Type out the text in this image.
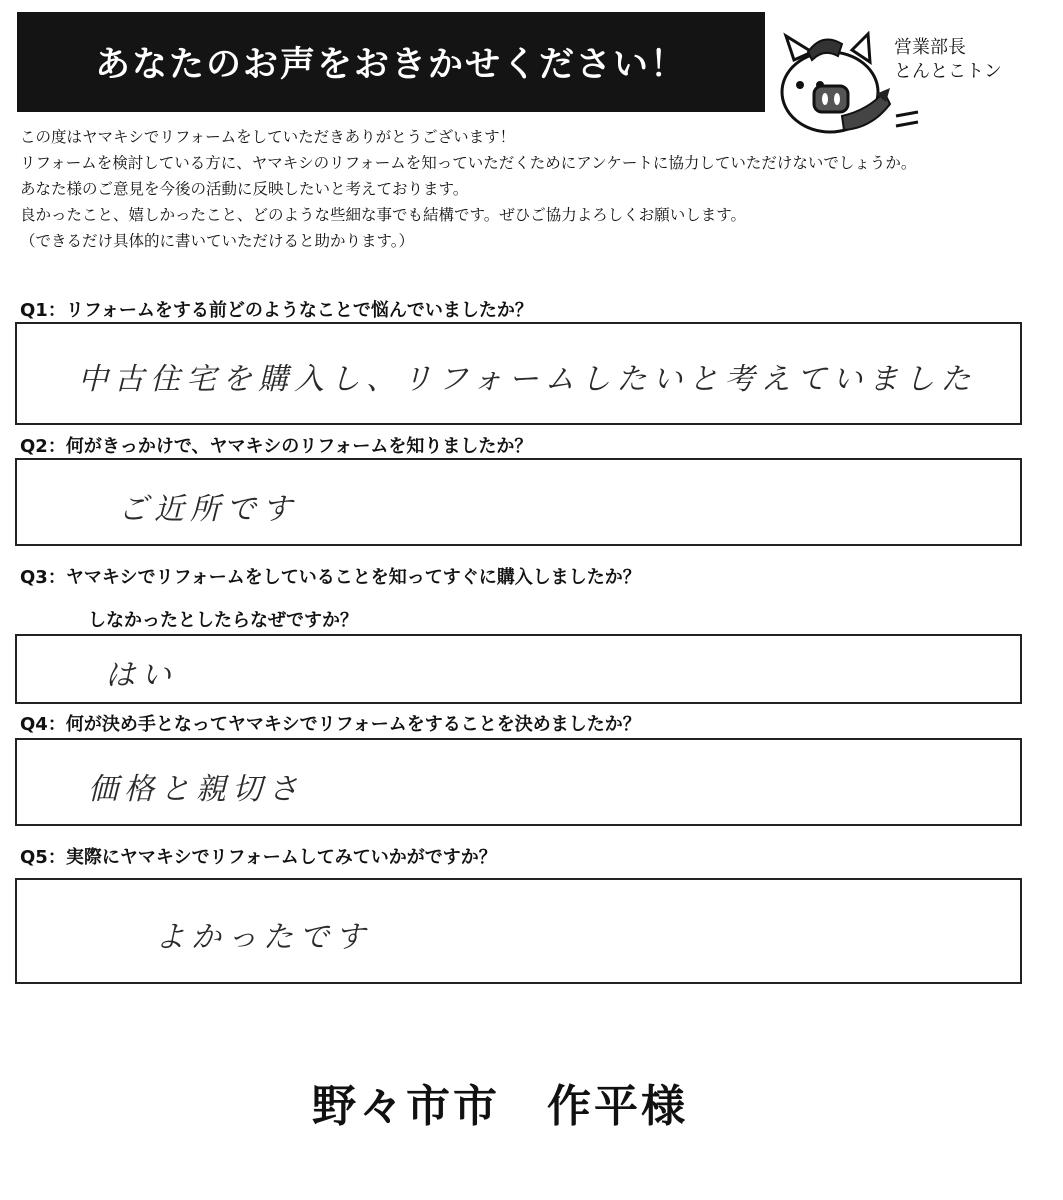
あなたのお声をおきかせください！	営業部長
とんとこトン
この度はヤマキシでリフォームをしていただきありがとうございます！
リフォームを検討している方に、ヤマキシのリフォームを知っていただくためにアンケートに協力していただけないでしょうか。
あなた様のご意見を今後の活動に反映したいと考えております。
良かったこと、嬉しかったこと、どのような些細な事でも結構です。ぜひご協力よろしくお願いします。
（できるだけ具体的に書いていただけると助かります。）
Q1：リフォームをする前どのようなことで悩んでいましたか？
中古住宅を購入し、リフォームしたいと考えていました
Q2：何がきっかけで、ヤマキシのリフォームを知りましたか？
ご近所です
Q3：ヤマキシでリフォームをしていることを知ってすぐに購入しましたか？
しなかったとしたらなぜですか？
はい
Q4：何が決め手となってヤマキシでリフォームをすることを決めましたか？
価格と親切さ
Q5：実際にヤマキシでリフォームしてみていかがですか？
よかったです
野々市市　作平様
